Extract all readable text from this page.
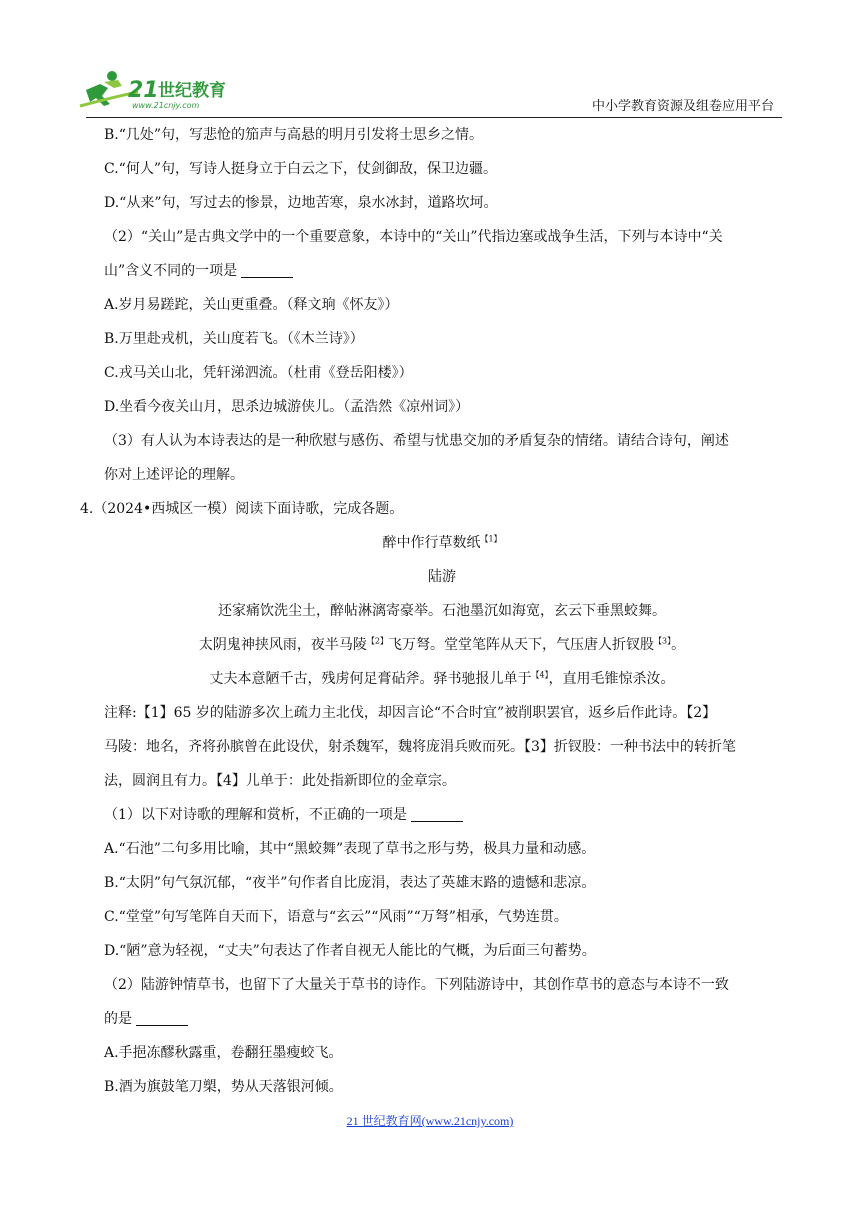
21 世纪教育
www.21cnjy.com	中小学教育资源及组卷应用平台
B.“几处”句，写悲怆的笳声与高悬的明月引发将士思乡之情。
C.“何人”句，写诗人挺身立于白云之下，仗剑御敌，保卫边疆。
D.“从来”句，写过去的惨景，边地苦寒，泉水冰封，道路坎坷。
（2）“关山”是古典文学中的一个重要意象，本诗中的“关山”代指边塞或战争生活，下列与本诗中“关
山”含义不同的一项是
A.岁月易蹉跎，关山更重叠。（释文珦《怀友》）
B.万里赴戎机，关山度若飞。（《木兰诗》）
C.戎马关山北，凭轩涕泗流。（杜甫《登岳阳楼》）
D.坐看今夜关山月，思杀边城游侠儿。（孟浩然《凉州词》）
（3）有人认为本诗表达的是一种欣慰与感伤、希望与忧患交加的矛盾复杂的情绪。请结合诗句，阐述
你对上述评论的理解。
4.（2024•西城区一模）阅读下面诗歌，完成各题。
醉中作行草数纸$^{【1】}$
陆游
还家痛饮洗尘土，醉帖淋漓寄豪举。石池墨沉如海宽，玄云下垂黑蛟舞。
太阴鬼神挟风雨，夜半马陵$^{【2】}$飞万弩。堂堂笔阵从天下，气压唐人折钗股$^{【3】}$。
丈夫本意陋千古，残虏何足膏砧斧。驿书驰报儿单于$^{【4】}$，直用毛锥惊杀汝。
注释:【1】65 岁的陆游多次上疏力主北伐，却因言论“不合时宜”被削职罢官，返乡后作此诗。【2】
马陵：地名，齐将孙膑曾在此设伏，射杀魏军，魏将庞涓兵败而死。【3】折钗股：一种书法中的转折笔
法，圆润且有力。【4】儿单于：此处指新即位的金章宗。
（1）以下对诗歌的理解和赏析，不正确的一项是
A.“石池”二句多用比喻，其中“黑蛟舞”表现了草书之形与势，极具力量和动感。
B.“太阴”句气氛沉郁，“夜半”句作者自比庞涓，表达了英雄末路的遗憾和悲凉。
C.“堂堂”句写笔阵自天而下，语意与“玄云”“风雨”“万弩”相承，气势连贯。
D.“陋”意为轻视，“丈夫”句表达了作者自视无人能比的气概，为后面三句蓄势。
（2）陆游钟情草书，也留下了大量关于草书的诗作。下列陆游诗中，其创作草书的意态与本诗不一致
的是
A.手挹冻醪秋露重，卷翻狂墨瘦蛟飞。
B.酒为旗鼓笔刀槊，势从天落银河倾。
21 世纪教育网(www.21cnjy.com)
